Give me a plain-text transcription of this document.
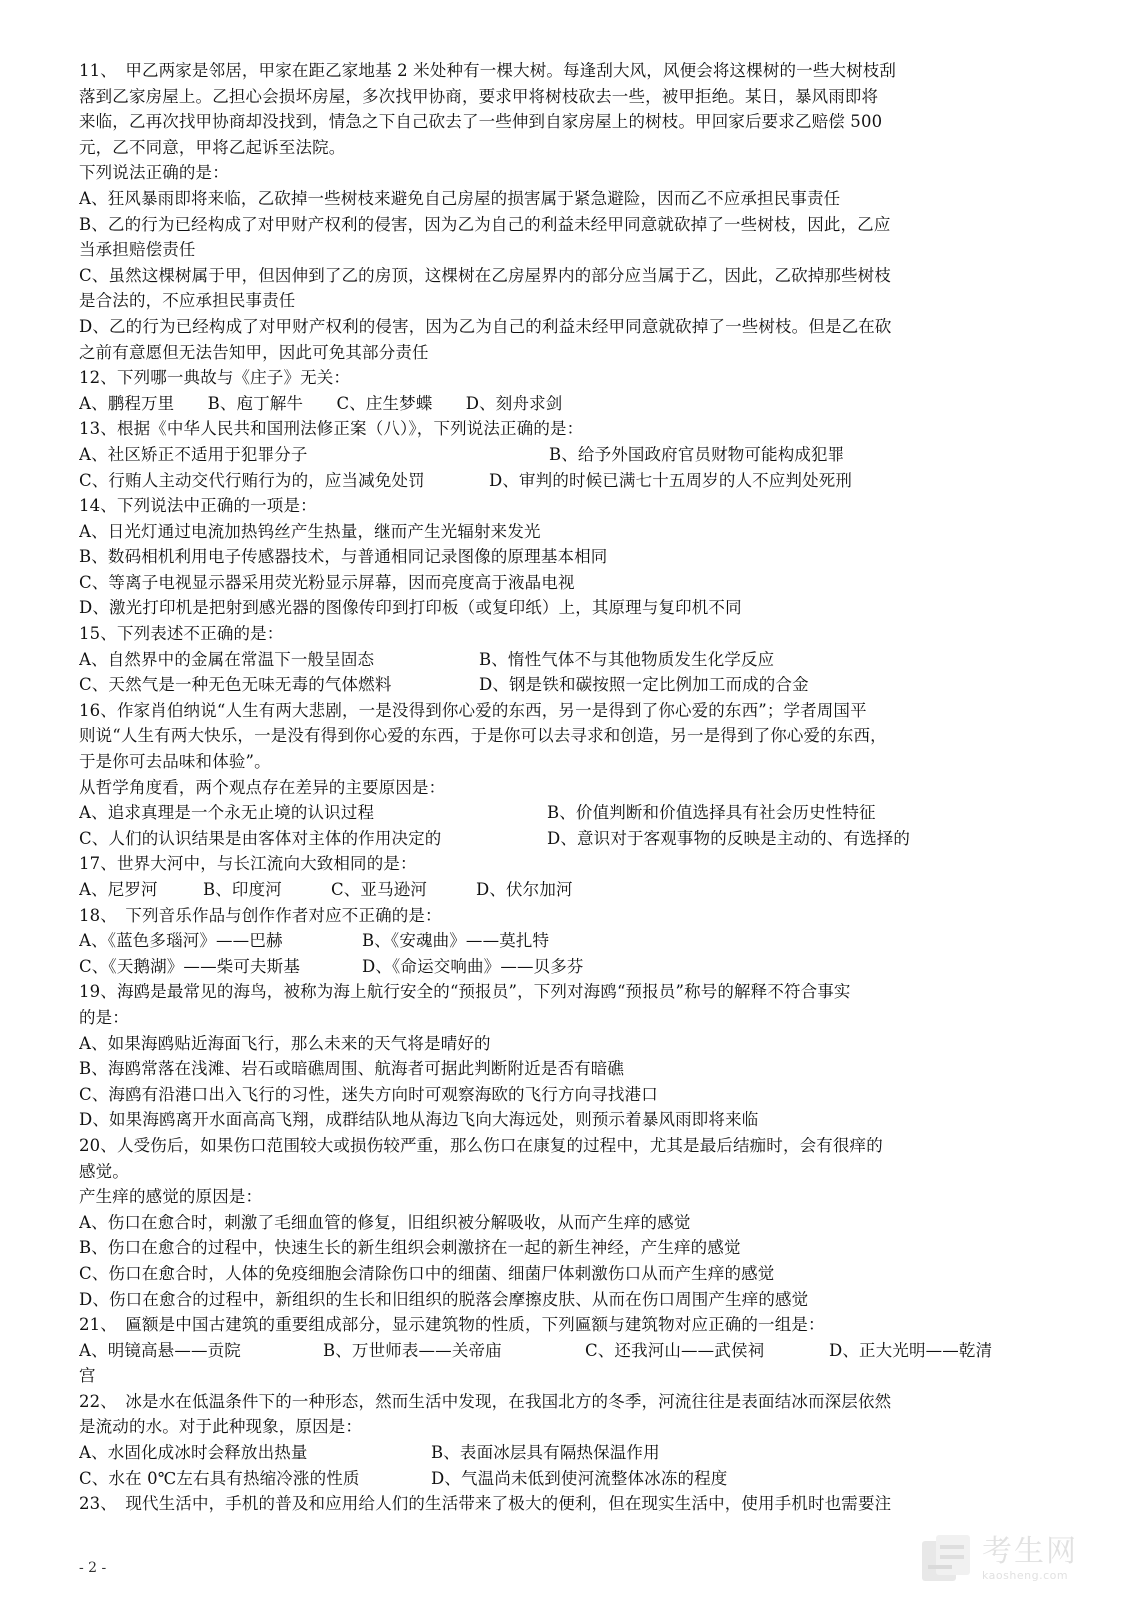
11、　甲乙两家是邻居，甲家在距乙家地基 2 米处种有一棵大树。每逢刮大风，风便会将这棵树的一些大树枝刮
落到乙家房屋上。乙担心会损坏房屋，多次找甲协商，要求甲将树枝砍去一些，被甲拒绝。某日，暴风雨即将
来临，乙再次找甲协商却没找到，情急之下自己砍去了一些伸到自家房屋上的树枝。甲回家后要求乙赔偿 500
元，乙不同意，甲将乙起诉至法院。
下列说法正确的是：
A、狂风暴雨即将来临，乙砍掉一些树枝来避免自己房屋的损害属于紧急避险，因而乙不应承担民事责任
B、乙的行为已经构成了对甲财产权利的侵害，因为乙为自己的利益未经甲同意就砍掉了一些树枝，因此，乙应
当承担赔偿责任
C、虽然这棵树属于甲，但因伸到了乙的房顶，这棵树在乙房屋界内的部分应当属于乙，因此，乙砍掉那些树枝
是合法的，不应承担民事责任
D、乙的行为已经构成了对甲财产权利的侵害，因为乙为自己的利益未经甲同意就砍掉了一些树枝。但是乙在砍
之前有意愿但无法告知甲，因此可免其部分责任
12、下列哪一典故与《庄子》无关：
A、鹏程万里　　B、庖丁解牛　　C、庄生梦蝶　　D、刻舟求剑
13、根据《中华人民共和国刑法修正案（八）》，下列说法正确的是：
A、社区矫正不适用于犯罪分子	B、给予外国政府官员财物可能构成犯罪
C、行贿人主动交代行贿行为的，应当减免处罚	D、审判的时候已满七十五周岁的人不应判处死刑
14、下列说法中正确的一项是：
A、日光灯通过电流加热钨丝产生热量，继而产生光辐射来发光
B、数码相机利用电子传感器技术，与普通相同记录图像的原理基本相同
C、等离子电视显示器采用荧光粉显示屏幕，因而亮度高于液晶电视
D、激光打印机是把射到感光器的图像传印到打印板（或复印纸）上，其原理与复印机不同
15、下列表述不正确的是：
A、自然界中的金属在常温下一般呈固态	B、惰性气体不与其他物质发生化学反应
C、天然气是一种无色无味无毒的气体燃料	D、钢是铁和碳按照一定比例加工而成的合金
16、作家肖伯纳说“人生有两大悲剧，一是没得到你心爱的东西，另一是得到了你心爱的东西”；学者周国平
则说“人生有两大快乐，一是没有得到你心爱的东西，于是你可以去寻求和创造，另一是得到了你心爱的东西，
于是你可去品味和体验”。
从哲学角度看，两个观点存在差异的主要原因是：
A、追求真理是一个永无止境的认识过程	B、价值判断和价值选择具有社会历史性特征
C、人们的认识结果是由客体对主体的作用决定的	D、意识对于客观事物的反映是主动的、有选择的
17、世界大河中，与长江流向大致相同的是：
A、尼罗河	B、印度河	C、亚马逊河	D、伏尔加河
18、　下列音乐作品与创作作者对应不正确的是：
A、《蓝色多瑙河》——巴赫	B、《安魂曲》——莫扎特
C、《天鹅湖》——柴可夫斯基	D、《命运交响曲》——贝多芬
19、海鸥是最常见的海鸟，被称为海上航行安全的“预报员”，下列对海鸥“预报员”称号的解释不符合事实
的是：
A、如果海鸥贴近海面飞行，那么未来的天气将是晴好的
B、海鸥常落在浅滩、岩石或暗礁周围、航海者可据此判断附近是否有暗礁
C、海鸥有沿港口出入飞行的习性，迷失方向时可观察海欧的飞行方向寻找港口
D、如果海鸥离开水面高高飞翔，成群结队地从海边飞向大海远处，则预示着暴风雨即将来临
20、人受伤后，如果伤口范围较大或损伤较严重，那么伤口在康复的过程中，尤其是最后结痂时，会有很痒的
感觉。
产生痒的感觉的原因是：
A、伤口在愈合时，刺激了毛细血管的修复，旧组织被分解吸收，从而产生痒的感觉
B、伤口在愈合的过程中，快速生长的新生组织会刺激挤在一起的新生神经，产生痒的感觉
C、伤口在愈合时，人体的免疫细胞会清除伤口中的细菌、细菌尸体刺激伤口从而产生痒的感觉
D、伤口在愈合的过程中，新组织的生长和旧组织的脱落会摩擦皮肤、从而在伤口周围产生痒的感觉
21、　匾额是中国古建筑的重要组成部分，显示建筑物的性质，下列匾额与建筑物对应正确的一组是：
A、明镜高悬——贡院	B、万世师表——关帝庙	C、还我河山——武侯祠	D、正大光明——乾清
宫
22、　冰是水在低温条件下的一种形态，然而生活中发现，在我国北方的冬季，河流往往是表面结冰而深层依然
是流动的水。对于此种现象，原因是：
A、水固化成冰时会释放出热量	B、表面冰层具有隔热保温作用
C、水在 0℃左右具有热缩冷涨的性质	D、气温尚未低到使河流整体冰冻的程度
23、　现代生活中，手机的普及和应用给人们的生活带来了极大的便利，但在现实生活中，使用手机时也需要注
- 2 -	考生网
kaosheng.com
